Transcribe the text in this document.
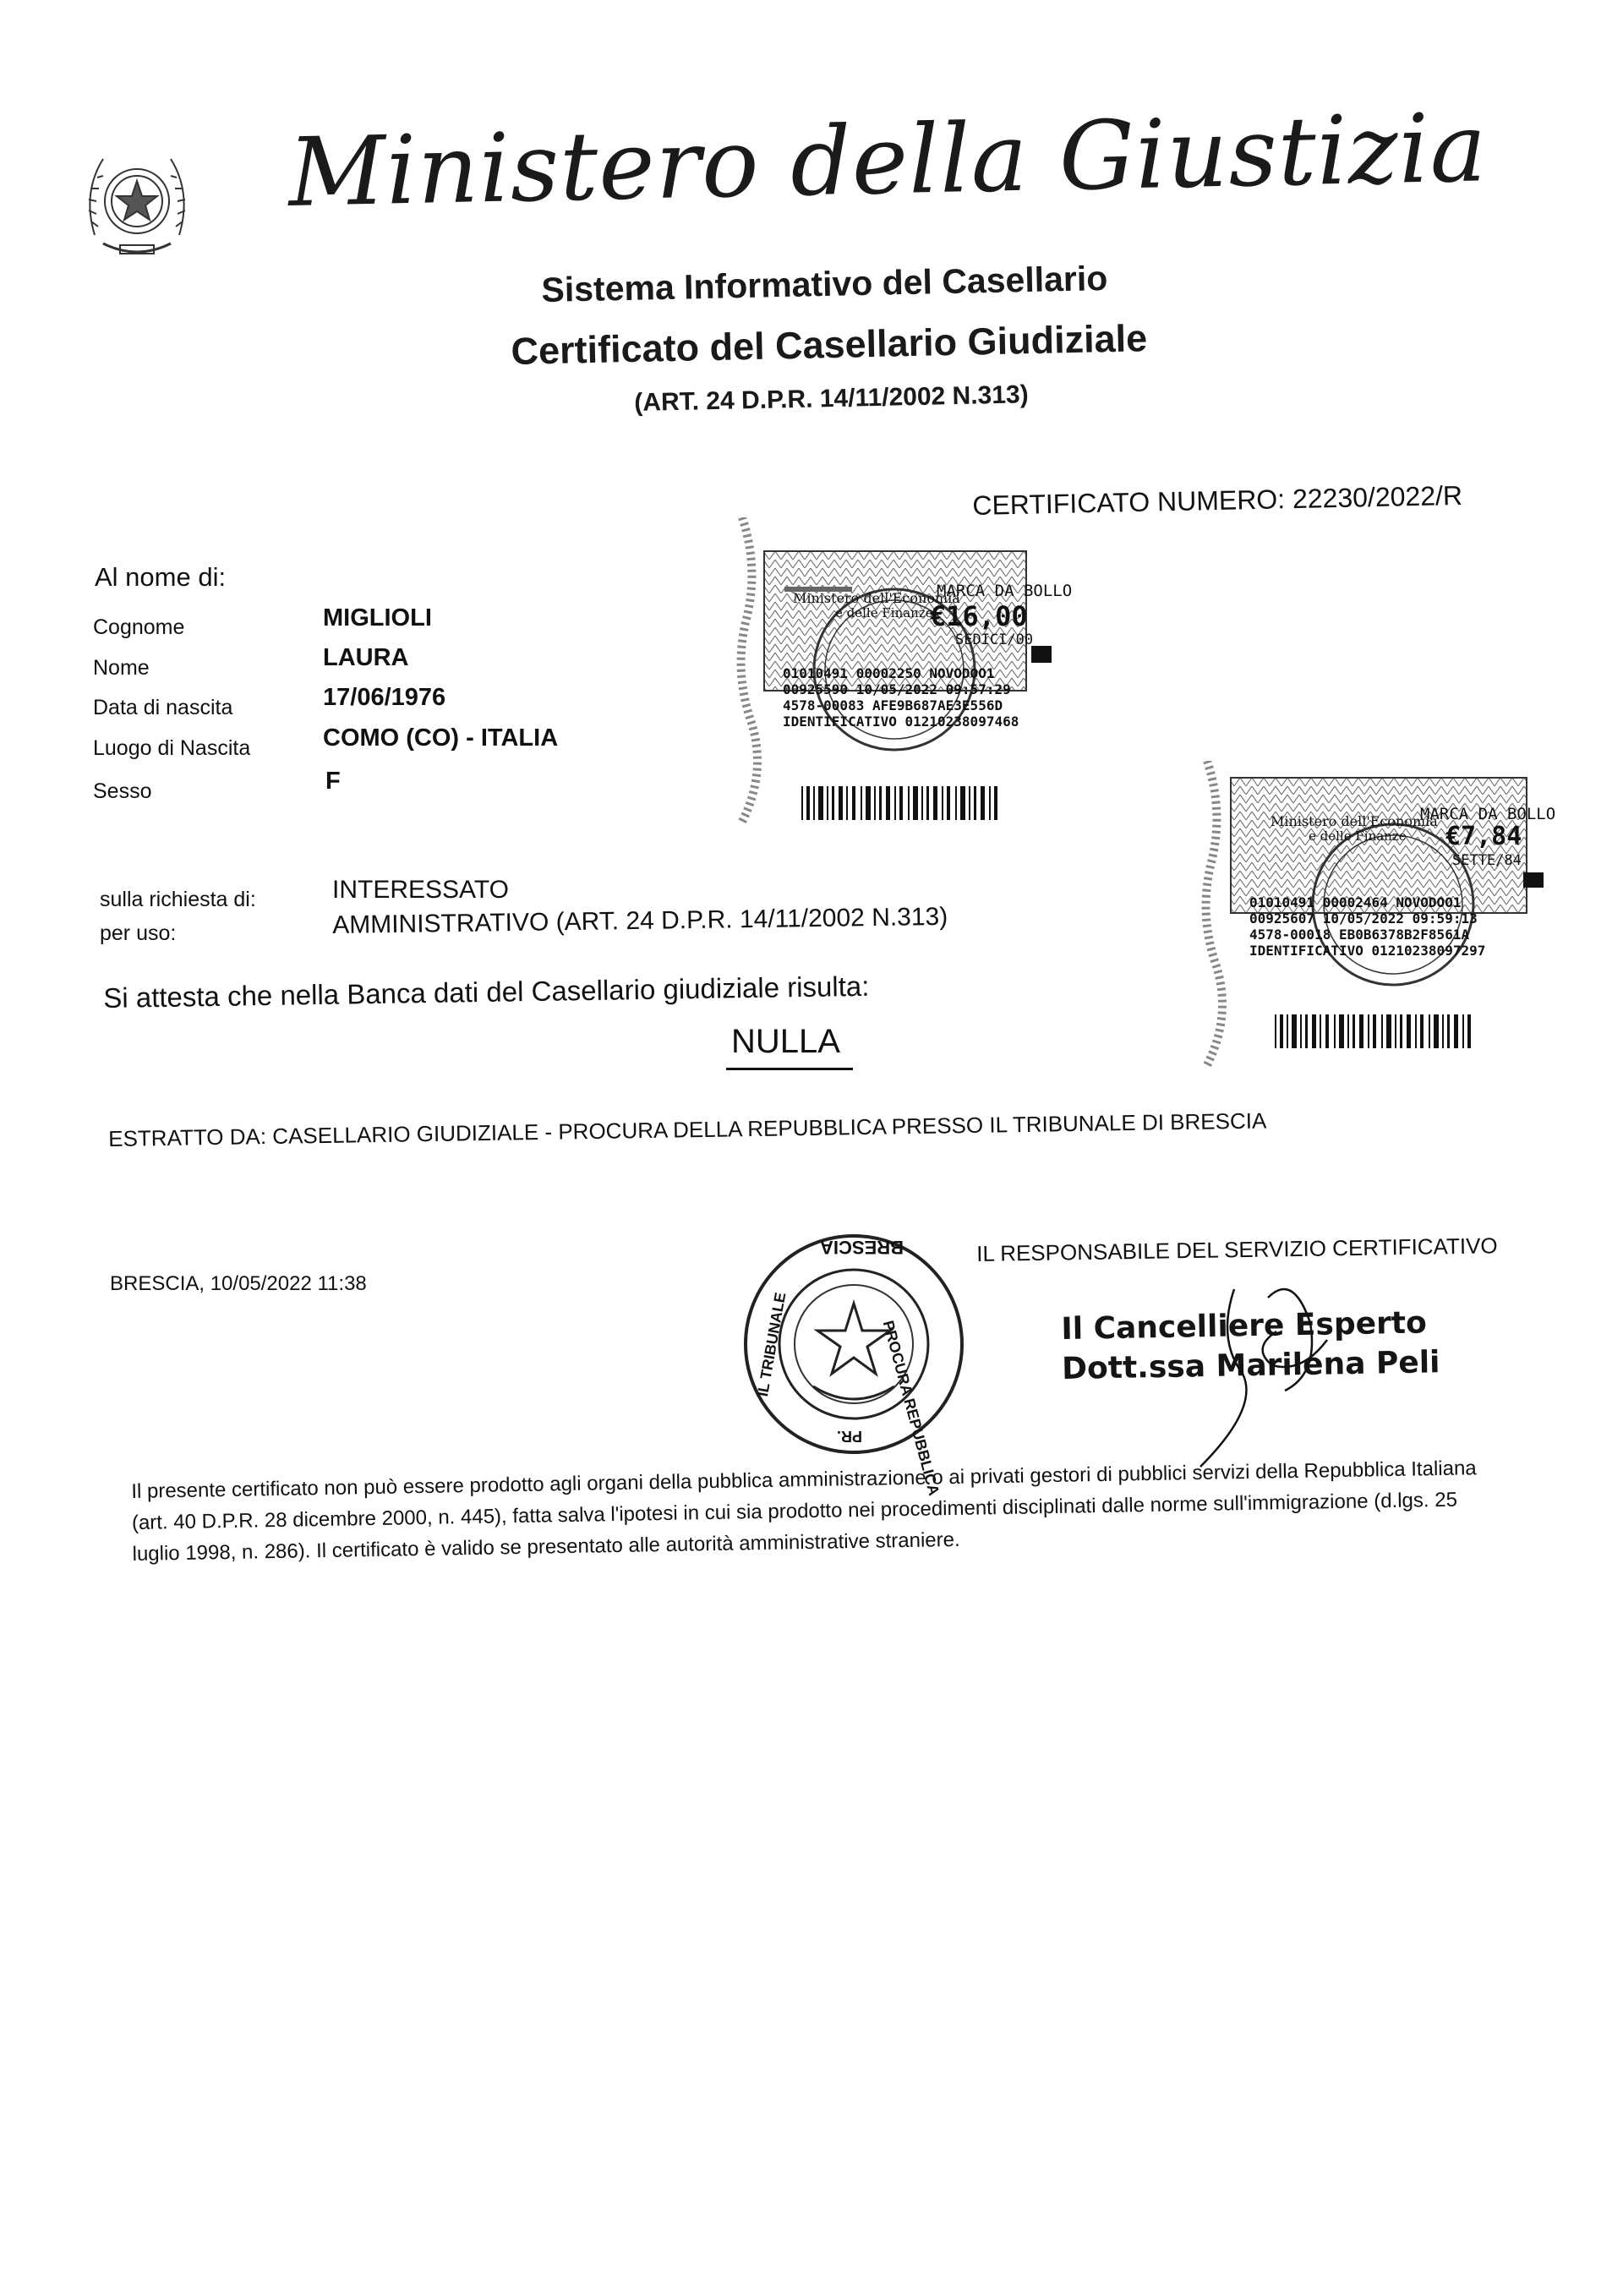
Ministero della Giustizia
Sistema Informativo del Casellario
Certificato del Casellario Giudiziale
(ART. 24 D.P.R. 14/11/2002 N.313)
CERTIFICATO NUMERO: 22230/2022/R
Al nome di:
Cognome	MIGLIOLI
Nome	LAURA
Data di nascita	17/06/1976
Luogo di Nascita	COMO (CO) - ITALIA
Sesso	F
sulla richiesta di:	INTERESSATO
per uso:	AMMINISTRATIVO (ART. 24 D.P.R. 14/11/2002 N.313)
Si attesta che nella Banca dati del Casellario giudiziale risulta:
NULLA
ESTRATTO DA: CASELLARIO GIUDIZIALE - PROCURA DELLA REPUBBLICA PRESSO IL TRIBUNALE DI BRESCIA
BRESCIA, 10/05/2022 11:38
IL RESPONSABILE DEL SERVIZIO CERTIFICATIVO
Ministero dell'Economia
e delle Finanze
MARCA DA BOLLO
€16,00
SEDICI/00
01010491 00002250 NOVODOO1
00925590 10/05/2022 09:57:29
4578-00083 AFE9B687AE3E556D
IDENTIFICATIVO 01210238097468
Ministero dell'Economia
e delle Finanze
MARCA DA BOLLO
€7,84
SETTE/84
01010491 00002464 NOVODOO1
00925607 10/05/2022 09:59:13
4578-00018 EB0B6378B2F8561A
IDENTIFICATIVO 01210238097297
BRESCIA
PROCURA REPUBBLICA
IL TRIBUNALE
PR.
Il Cancelliere Esperto
Dott.ssa Marilena Peli
Il presente certificato non può essere prodotto agli organi della pubblica amministrazione o ai privati gestori di pubblici servizi della Repubblica Italiana (art. 40 D.P.R. 28 dicembre 2000, n. 445), fatta salva l'ipotesi in cui sia prodotto nei procedimenti disciplinati dalle norme sull'immigrazione (d.lgs. 25 luglio 1998, n. 286). Il certificato è valido se presentato alle autorità amministrative straniere.
